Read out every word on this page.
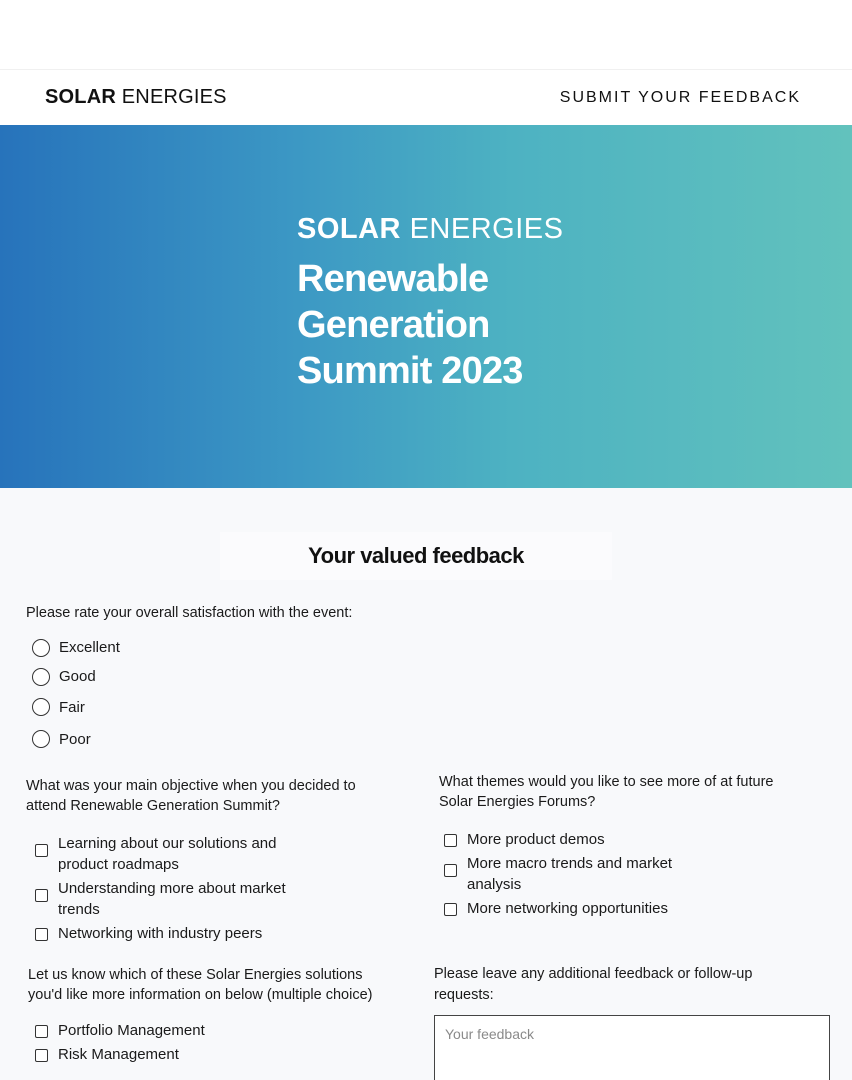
SOLAR ENERGIES	SUBMIT YOUR FEEDBACK
SOLAR ENERGIES
Renewable Generation Summit 2023
Your valued feedback
Please rate your overall satisfaction with the event:
Excellent
Good
Fair
Poor
What was your main objective when you decided to attend Renewable Generation Summit?
Learning about our solutions and product roadmaps
Understanding more about market trends
Networking with industry peers
What themes would you like to see more of at future Solar Energies Forums?
More product demos
More macro trends and market analysis
More networking opportunities
Let us know which of these Solar Energies solutions you'd like more information on below (multiple choice)
Portfolio Management
Risk Management
Please leave any additional feedback or follow-up requests:
Your feedback
